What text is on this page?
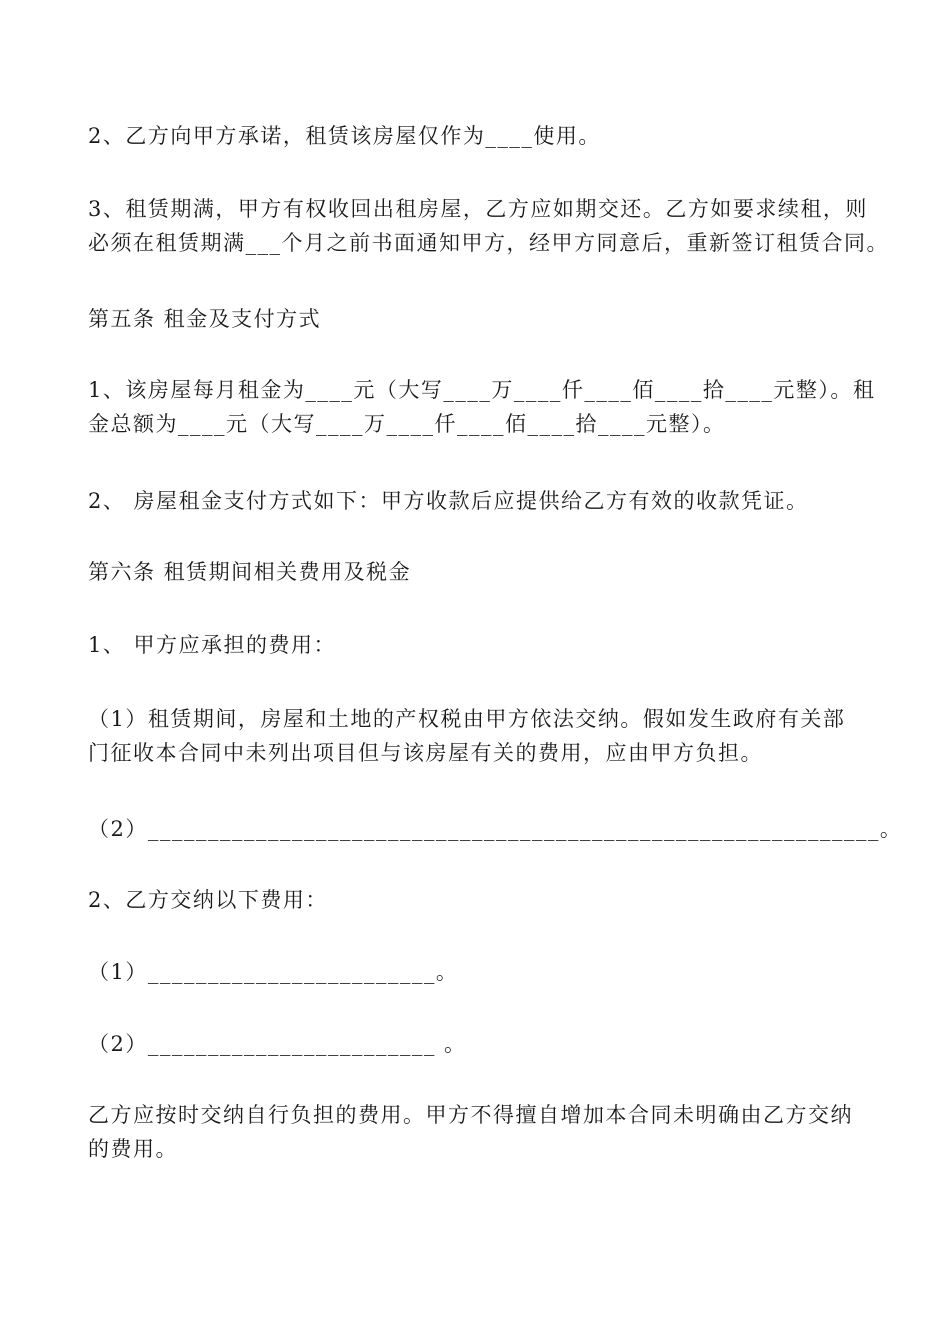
2、乙方向甲方承诺，租赁该房屋仅作为____使用。
3、租赁期满，甲方有权收回出租房屋，乙方应如期交还。乙方如要求续租，则
必须在租赁期满___个月之前书面通知甲方，经甲方同意后，重新签订租赁合同。
第五条 租金及支付方式
1、该房屋每月租金为____元（大写____万____仟____佰____拾____元整）。租
金总额为____元（大写____万____仟____佰____拾____元整）。
2、 房屋租金支付方式如下：甲方收款后应提供给乙方有效的收款凭证。
第六条 租赁期间相关费用及税金
1、 甲方应承担的费用：
（1）租赁期间，房屋和土地的产权税由甲方依法交纳。假如发生政府有关部
门征收本合同中未列出项目但与该房屋有关的费用，应由甲方负担。
（2）_____________________________________________________________。
2、乙方交纳以下费用：
（1）________________________。
（2）________________________ 。
乙方应按时交纳自行负担的费用。甲方不得擅自增加本合同未明确由乙方交纳
的费用。
